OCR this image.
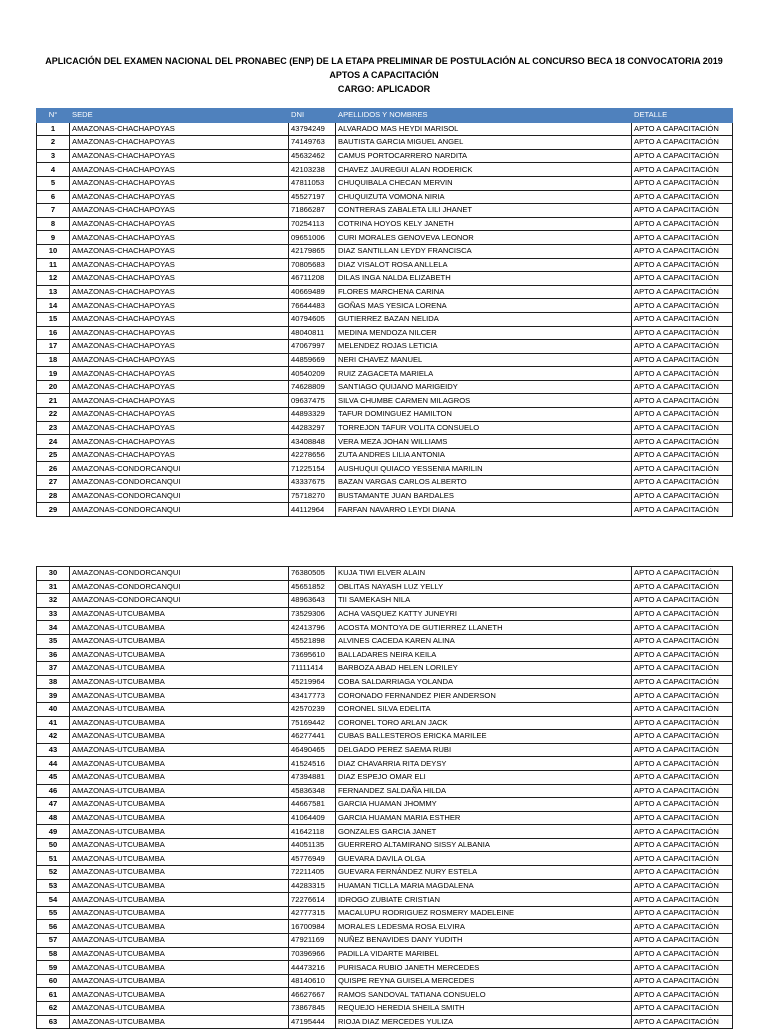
APLICACIÓN DEL EXAMEN NACIONAL DEL PRONABEC (ENP) DE LA ETAPA PRELIMINAR DE POSTULACIÓN AL CONCURSO BECA 18 CONVOCATORIA 2019
APTOS A CAPACITACIÓN
CARGO: APLICADOR
N°	SEDE	DNI	APELLIDOS Y NOMBRES	DETALLE
1	AMAZONAS-CHACHAPOYAS	43794249	ALVARADO MAS HEYDI MARISOL	APTO A CAPACITACIÓN
2	AMAZONAS-CHACHAPOYAS	74149763	BAUTISTA GARCIA MIGUEL ANGEL	APTO A CAPACITACIÓN
3	AMAZONAS-CHACHAPOYAS	45632462	CAMUS PORTOCARRERO NARDITA	APTO A CAPACITACIÓN
4	AMAZONAS-CHACHAPOYAS	42103238	CHAVEZ JAUREGUI ALAN RODERICK	APTO A CAPACITACIÓN
5	AMAZONAS-CHACHAPOYAS	47811053	CHUQUIBALA CHECAN MERVIN	APTO A CAPACITACIÓN
6	AMAZONAS-CHACHAPOYAS	45527197	CHUQUIZUTA VOMONA NIRIA	APTO A CAPACITACIÓN
7	AMAZONAS-CHACHAPOYAS	71866287	CONTRERAS ZABALETA LILI JHANET	APTO A CAPACITACIÓN
8	AMAZONAS-CHACHAPOYAS	70254113	COTRINA HOYOS KELY JANETH	APTO A CAPACITACIÓN
9	AMAZONAS-CHACHAPOYAS	09651006	CURI MORALES GENOVEVA LEONOR	APTO A CAPACITACIÓN
10	AMAZONAS-CHACHAPOYAS	42179865	DIAZ SANTILLAN LEYDY FRANCISCA	APTO A CAPACITACIÓN
11	AMAZONAS-CHACHAPOYAS	70805683	DIAZ VISALOT ROSA ANLLELA	APTO A CAPACITACIÓN
12	AMAZONAS-CHACHAPOYAS	46711208	DILAS INGA NALDA ELIZABETH	APTO A CAPACITACIÓN
13	AMAZONAS-CHACHAPOYAS	40669489	FLORES MARCHENA CARINA	APTO A CAPACITACIÓN
14	AMAZONAS-CHACHAPOYAS	76644483	GOÑAS MAS YESICA LORENA	APTO A CAPACITACIÓN
15	AMAZONAS-CHACHAPOYAS	40794605	GUTIERREZ BAZAN NELIDA	APTO A CAPACITACIÓN
16	AMAZONAS-CHACHAPOYAS	48040811	MEDINA MENDOZA NILCER	APTO A CAPACITACIÓN
17	AMAZONAS-CHACHAPOYAS	47067997	MELENDEZ ROJAS LETICIA	APTO A CAPACITACIÓN
18	AMAZONAS-CHACHAPOYAS	44859669	NERI CHAVEZ MANUEL	APTO A CAPACITACIÓN
19	AMAZONAS-CHACHAPOYAS	40540209	RUIZ ZAGACETA MARIELA	APTO A CAPACITACIÓN
20	AMAZONAS-CHACHAPOYAS	74628809	SANTIAGO QUIJANO MARIGEIDY	APTO A CAPACITACIÓN
21	AMAZONAS-CHACHAPOYAS	09637475	SILVA CHUMBE CARMEN MILAGROS	APTO A CAPACITACIÓN
22	AMAZONAS-CHACHAPOYAS	44893329	TAFUR DOMINGUEZ HAMILTON	APTO A CAPACITACIÓN
23	AMAZONAS-CHACHAPOYAS	44283297	TORREJON TAFUR VOLITA CONSUELO	APTO A CAPACITACIÓN
24	AMAZONAS-CHACHAPOYAS	43408848	VERA MEZA JOHAN WILLIAMS	APTO A CAPACITACIÓN
25	AMAZONAS-CHACHAPOYAS	42278656	ZUTA ANDRES LILIA ANTONIA	APTO A CAPACITACIÓN
26	AMAZONAS-CONDORCANQUI	71225154	AUSHUQUI QUIACO YESSENIA MARILIN	APTO A CAPACITACIÓN
27	AMAZONAS-CONDORCANQUI	43337675	BAZAN VARGAS CARLOS ALBERTO	APTO A CAPACITACIÓN
28	AMAZONAS-CONDORCANQUI	75718270	BUSTAMANTE JUAN BARDALES	APTO A CAPACITACIÓN
29	AMAZONAS-CONDORCANQUI	44112964	FARFAN NAVARRO LEYDI DIANA	APTO A CAPACITACIÓN
30	AMAZONAS-CONDORCANQUI	76380505	KUJA TIWI ELVER ALAIN	APTO A CAPACITACIÓN
31	AMAZONAS-CONDORCANQUI	45651852	OBLITAS NAYASH LUZ YELLY	APTO A CAPACITACIÓN
32	AMAZONAS-CONDORCANQUI	48963643	TII SAMEKASH NILA	APTO A CAPACITACIÓN
33	AMAZONAS-UTCUBAMBA	73529306	ACHA VASQUEZ KATTY JUNEYRI	APTO A CAPACITACIÓN
34	AMAZONAS-UTCUBAMBA	42413796	ACOSTA MONTOYA DE GUTIERREZ LLANETH	APTO A CAPACITACIÓN
35	AMAZONAS-UTCUBAMBA	45521898	ALVINES CACEDA KAREN ALINA	APTO A CAPACITACIÓN
36	AMAZONAS-UTCUBAMBA	73695610	BALLADARES NEIRA KEILA	APTO A CAPACITACIÓN
37	AMAZONAS-UTCUBAMBA	71111414	BARBOZA ABAD HELEN LORILEY	APTO A CAPACITACIÓN
38	AMAZONAS-UTCUBAMBA	45219964	COBA SALDARRIAGA YOLANDA	APTO A CAPACITACIÓN
39	AMAZONAS-UTCUBAMBA	43417773	CORONADO FERNANDEZ PIER ANDERSON	APTO A CAPACITACIÓN
40	AMAZONAS-UTCUBAMBA	42570239	CORONEL SILVA EDELITA	APTO A CAPACITACIÓN
41	AMAZONAS-UTCUBAMBA	75169442	CORONEL TORO ARLAN JACK	APTO A CAPACITACIÓN
42	AMAZONAS-UTCUBAMBA	46277441	CUBAS BALLESTEROS ERICKA MARILEE	APTO A CAPACITACIÓN
43	AMAZONAS-UTCUBAMBA	46490465	DELGADO PEREZ SAEMA RUBI	APTO A CAPACITACIÓN
44	AMAZONAS-UTCUBAMBA	41524516	DIAZ CHAVARRIA RITA DEYSY	APTO A CAPACITACIÓN
45	AMAZONAS-UTCUBAMBA	47394881	DIAZ ESPEJO OMAR ELI	APTO A CAPACITACIÓN
46	AMAZONAS-UTCUBAMBA	45836348	FERNANDEZ SALDAÑA HILDA	APTO A CAPACITACIÓN
47	AMAZONAS-UTCUBAMBA	44667581	GARCIA HUAMAN JHOMMY	APTO A CAPACITACIÓN
48	AMAZONAS-UTCUBAMBA	41064409	GARCIA HUAMAN MARIA ESTHER	APTO A CAPACITACIÓN
49	AMAZONAS-UTCUBAMBA	41642118	GONZALES GARCIA JANET	APTO A CAPACITACIÓN
50	AMAZONAS-UTCUBAMBA	44051135	GUERRERO ALTAMIRANO SISSY ALBANIA	APTO A CAPACITACIÓN
51	AMAZONAS-UTCUBAMBA	45776949	GUEVARA DAVILA OLGA	APTO A CAPACITACIÓN
52	AMAZONAS-UTCUBAMBA	72211405	GUEVARA FERNÁNDEZ NURY ESTELA	APTO A CAPACITACIÓN
53	AMAZONAS-UTCUBAMBA	44283315	HUAMAN TICLLA MARIA MAGDALENA	APTO A CAPACITACIÓN
54	AMAZONAS-UTCUBAMBA	72276614	IDROGO ZUBIATE CRISTIAN	APTO A CAPACITACIÓN
55	AMAZONAS-UTCUBAMBA	42777315	MACALUPU RODRIGUEZ ROSMERY MADELEINE	APTO A CAPACITACIÓN
56	AMAZONAS-UTCUBAMBA	16700984	MORALES LEDESMA ROSA ELVIRA	APTO A CAPACITACIÓN
57	AMAZONAS-UTCUBAMBA	47921169	NUÑEZ BENAVIDES DANY YUDITH	APTO A CAPACITACIÓN
58	AMAZONAS-UTCUBAMBA	70396966	PADILLA VIDARTE MARIBEL	APTO A CAPACITACIÓN
59	AMAZONAS-UTCUBAMBA	44473216	PURISACA RUBIO JANETH MERCEDES	APTO A CAPACITACIÓN
60	AMAZONAS-UTCUBAMBA	48140610	QUISPE REYNA GUISELA MERCEDES	APTO A CAPACITACIÓN
61	AMAZONAS-UTCUBAMBA	46627667	RAMOS SANDOVAL TATIANA CONSUELO	APTO A CAPACITACIÓN
62	AMAZONAS-UTCUBAMBA	73867845	REQUEJO HEREDIA SHEILA SMITH	APTO A CAPACITACIÓN
63	AMAZONAS-UTCUBAMBA	47195444	RIOJA DIAZ MERCEDES YULIZA	APTO A CAPACITACIÓN
